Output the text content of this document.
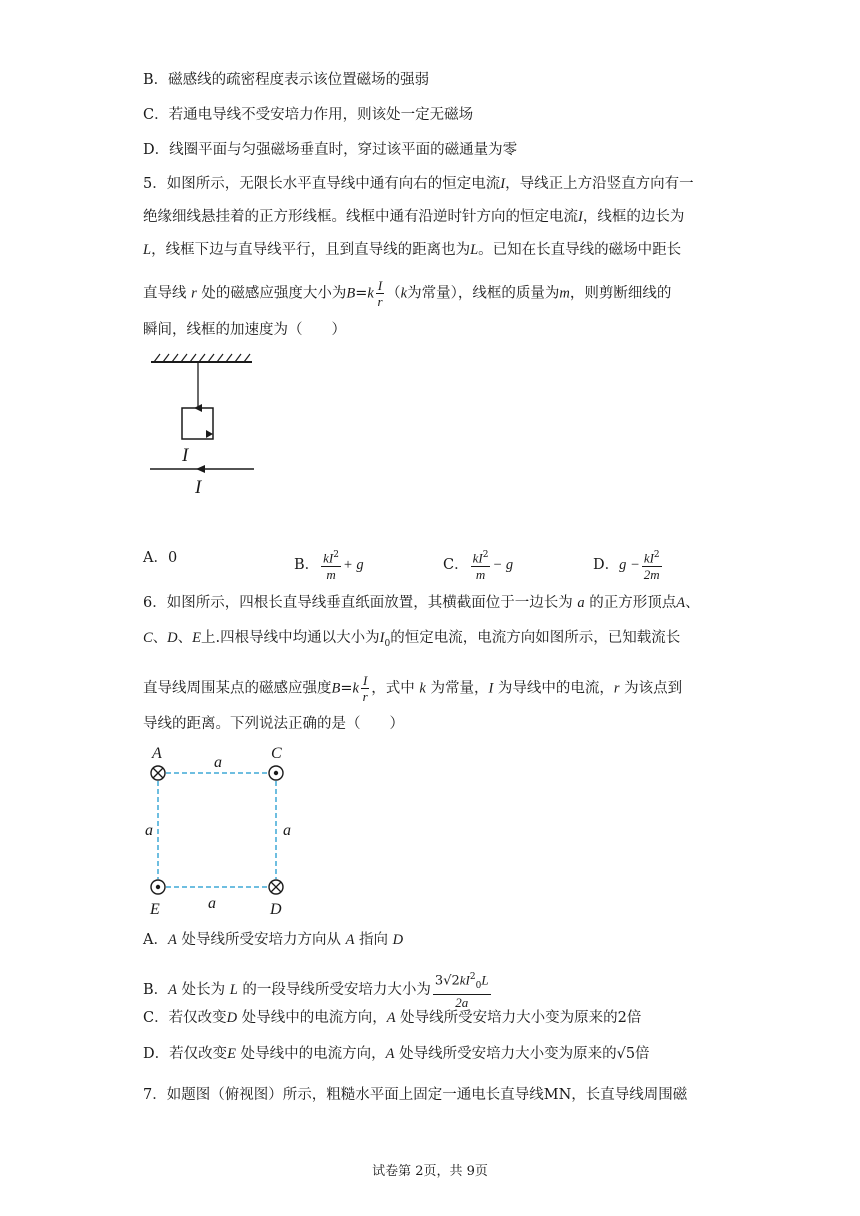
B．磁感线的疏密程度表示该位置磁场的强弱
C．若通电导线不受安培力作用，则该处一定无磁场
D．线圈平面与匀强磁场垂直时，穿过该平面的磁通量为零
5．如图所示，无限长水平直导线中通有向右的恒定电流I，导线正上方沿竖直方向有一
绝缘细线悬挂着的正方形线框。线框中通有沿逆时针方向的恒定电流I，线框的边长为
L，线框下边与直导线平行，且到直导线的距离也为L。已知在长直导线的磁场中距长
直导线 r 处的磁感应强度大小为$B=k \frac{I}{r} (k$为常量），线框的质量为m，则剪断细线的
瞬间，线框的加速度为（　　）
I
I
A．0	B． $\frac{kI^2}{m} + g$	C． $\frac{kI^2}{m} - g$	D．$g - \frac{kI^2}{2m}$
6．如图所示，四根长直导线垂直纸面放置，其横截面位于一边长为 a 的正方形顶点A、
C、D、E上.四根导线中均通以大小为$I_0$的恒定电流，电流方向如图所示，已知载流长
直导线周围某点的磁感应强度$B=k \frac{I}{r}$ ，式中 k 为常量，I 为导线中的电流，r 为该点到
导线的距离。下列说法正确的是（　　）
A	C
E	D
a
a	a
a
A．A 处导线所受安培力方向从 A 指向 D
B．A 处长为 L 的一段导线所受安培力大小为 $\frac{3√2kI^2_0L}{2a}$
C．若仅改变D 处导线中的电流方向，A 处导线所受安培力大小变为原来的2倍
D．若仅改变E 处导线中的电流方向，A 处导线所受安培力大小变为原来的√5倍
7．如题图（俯视图）所示，粗糙水平面上固定一通电长直导线MN，长直导线周围磁
试卷第 2页，共 9页
